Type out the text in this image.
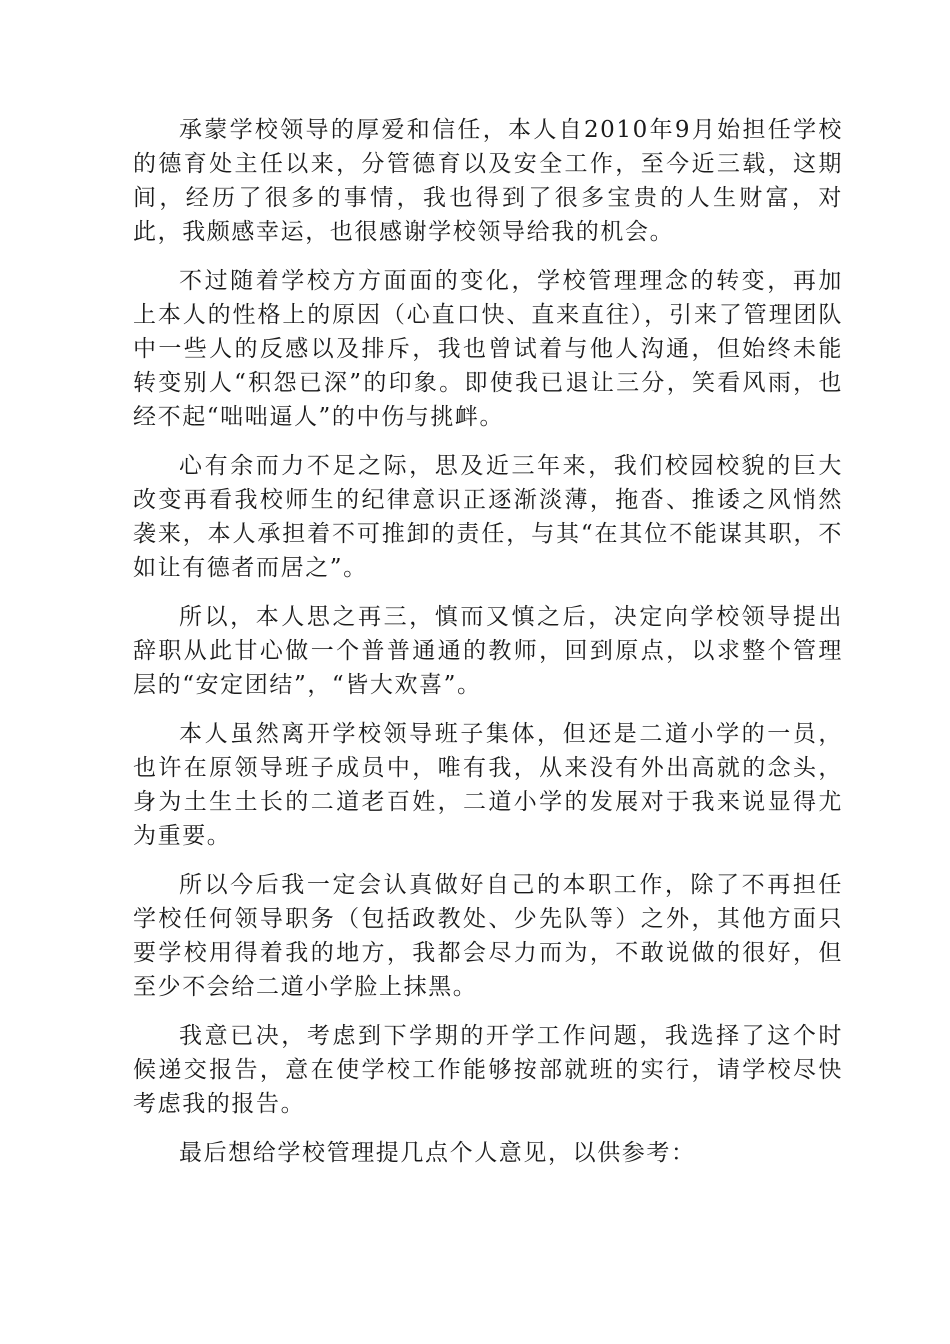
承蒙学校领导的厚爱和信任，本人自2010年9月始担任学校的德育处主任以来，分管德育以及安全工作，至今近三载，这期间，经历了很多的事情，我也得到了很多宝贵的人生财富，对此，我颇感幸运，也很感谢学校领导给我的机会。

不过随着学校方方面面的变化，学校管理理念的转变，再加上本人的性格上的原因（心直口快、直来直往），引来了管理团队中一些人的反感以及排斥，我也曾试着与他人沟通，但始终未能转变别人“积怨已深”的印象。即使我已退让三分，笑看风雨，也经不起“咄咄逼人”的中伤与挑衅。

心有余而力不足之际，思及近三年来，我们校园校貌的巨大改变再看我校师生的纪律意识正逐渐淡薄，拖沓、推诿之风悄然袭来，本人承担着不可推卸的责任，与其“在其位不能谋其职，不如让有德者而居之”。

所以，本人思之再三，慎而又慎之后，决定向学校领导提出辞职从此甘心做一个普普通通的教师，回到原点，以求整个管理层的“安定团结”，“皆大欢喜”。

本人虽然离开学校领导班子集体，但还是二道小学的一员，也许在原领导班子成员中，唯有我，从来没有外出高就的念头，身为土生土长的二道老百姓，二道小学的发展对于我来说显得尤为重要。

所以今后我一定会认真做好自己的本职工作，除了不再担任学校任何领导职务（包括政教处、少先队等）之外，其他方面只要学校用得着我的地方，我都会尽力而为，不敢说做的很好，但至少不会给二道小学脸上抹黑。

我意已决，考虑到下学期的开学工作问题，我选择了这个时候递交报告，意在使学校工作能够按部就班的实行，请学校尽快考虑我的报告。

最后想给学校管理提几点个人意见，以供参考：
